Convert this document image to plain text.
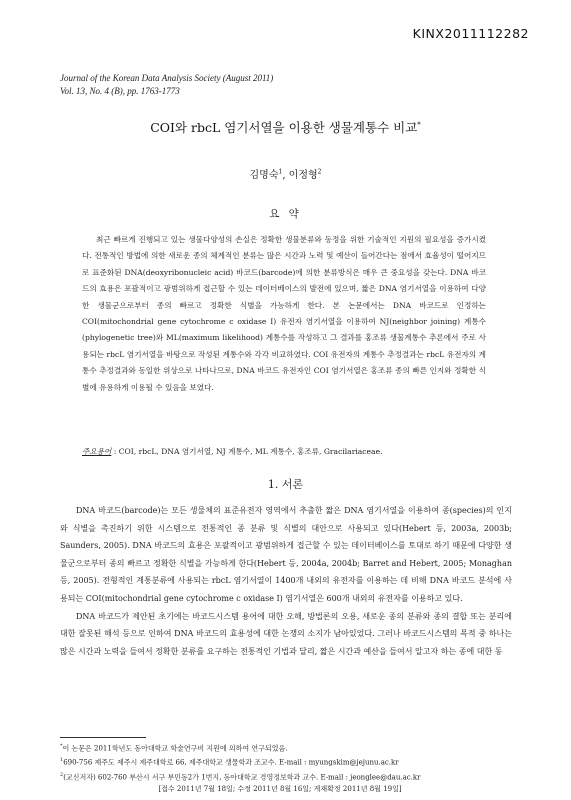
KINX2011112282
Journal of the Korean Data Analysis Society (August 2011)
Vol. 13, No. 4 (B), pp. 1763-1773
COI와 rbcL 염기서열을 이용한 생물계통수 비교*
김명숙$^1$, 이정형$^2$
요 약
최근 빠르게 진행되고 있는 생물다양성의 손실은 정확한 생물분류와 동정을 위한 기술적인 지원의 필요성을 증가시켰다. 전통적인 방법에 의한 새로운 종의 체계적인 분류는 많은 시간과 노력 및 예산이 들어간다는 점에서 효율성이 떨어지므로 표준화된 DNA(deoxyribonucleic acid) 바코드(barcode)에 의한 분류방식은 매우 큰 중요성을 갖는다. DNA 바코드의 효용은 포괄적이고 광범위하게 접근할 수 있는 데이터베이스의 발전에 있으며, 짧은 DNA 염기서열을 이용하여 다양한 생물군으로부터 종의 빠르고 정확한 식별을 가능하게 한다. 본 논문에서는 DNA 바코드로 인정하는 COI(mitochondrial gene cytochrome c oxidase I) 유전자 염기서열을 이용하여 NJ(neighbor joining) 계통수(phylogenetic tree)와 ML(maximum likelihood) 계통수를 작성하고 그 결과를 홍조류 생물계통수 추론에서 주로 사용되는 rbcL 염기서열을 바탕으로 작성된 계통수와 각각 비교하였다. COI 유전자의 계통수 추정결과는 rbcL 유전자의 계통수 추정결과와 동일한 위상으로 나타나므로, DNA 바코드 유전자인 COI 염기서열은 홍조류 종의 빠른 인지와 정확한 식별에 유용하게 이용될 수 있음을 보였다.
주요용어 : COI, rbcL, DNA 염기서열, NJ 계통수, ML 계통수, 홍조류, Gracilariaceae.
1. 서론

DNA 바코드(barcode)는 모든 생물체의 표준유전자 영역에서 추출한 짧은 DNA 염기서열을 이용하여 종(species)의 인지와 식별을 촉진하기 위한 시스템으로 전통적인 종 분류 및 식별의 대안으로 사용되고 있다(Hebert 등, 2003a, 2003b; Saunders, 2005). DNA 바코드의 효용은 포괄적이고 광범위하게 접근할 수 있는 데이터베이스를 토대로 하기 때문에 다양한 생물군으로부터 종의 빠르고 정확한 식별을 가능하게 한다(Hebert 등, 2004a, 2004b; Barret and Hebert, 2005; Monaghan 등, 2005). 전형적인 계통분류에 사용되는 rbcL 염기서열이 1400개 내외의 유전자를 이용하는 데 비해 DNA 바코드 분석에 사용되는 COI(mitochondrial gene cytochrome c oxidase I) 염기서열은 600개 내외의 유전자를 이용하고 있다.

DNA 바코드가 제안된 초기에는 바코드시스템 용어에 대한 오해, 방법론의 오용, 새로운 종의 분류와 종의 결합 또는 분리에 대한 잘못된 해석 등으로 인하여 DNA 바코드의 효용성에 대한 논쟁의 소지가 남아있었다. 그러나 바코드시스템의 목적 중 하나는 많은 시간과 노력을 들여서 정확한 분류를 요구하는 전통적인 기법과 달리, 짧은 시간과 예산을 들여서 알고자 하는 종에 대한 동

*이 논문은 2011학년도 동아대학교 학술연구비 지원에 의하여 연구되었음.
$^1$690-756 제주도 제주시 제주대학로 66, 제주대학교 생물학과 조교수. E-mail : myungskim@jejunu.ac.kr
$^2$(교신저자) 602-760 부산시 서구 부민동2가 1번지, 동아대학교 경영정보학과 교수. E-mail : jeonglee@dau.ac.kr
[접수 2011년 7월 18일; 수정 2011년 8월 16일; 게재확정 2011년 8월 19일]
